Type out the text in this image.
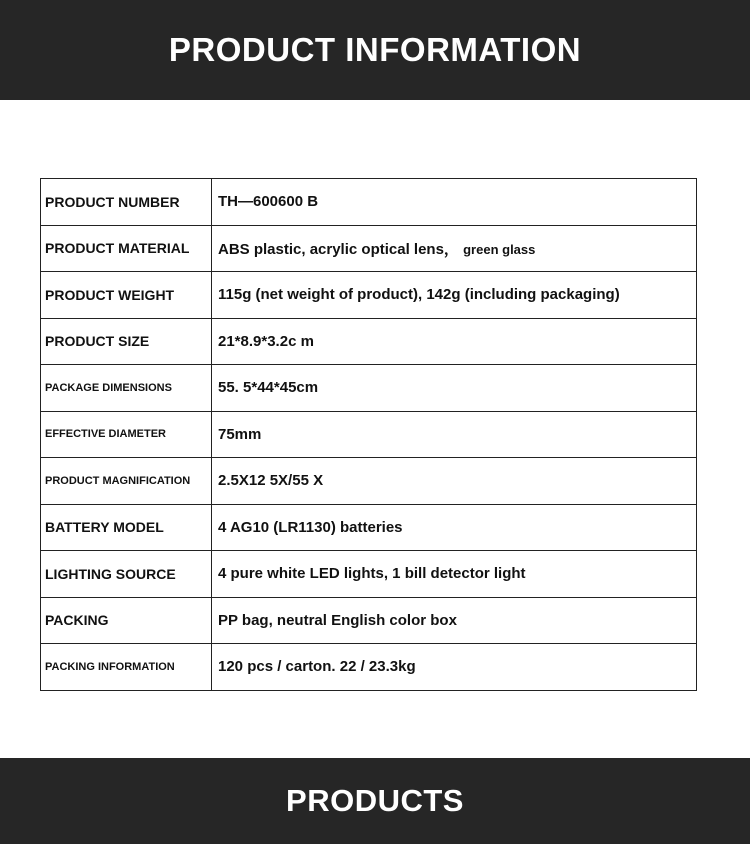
PRODUCT INFORMATION
PRODUCT NUMBER	TH—600600 B
PRODUCT MATERIAL	ABS plastic, acrylic optical lens， green glass
PRODUCT WEIGHT	115g (net weight of product), 142g (including packaging)
PRODUCT SIZE	21*8.9*3.2c m
PACKAGE DIMENSIONS	55. 5*44*45cm
EFFECTIVE DIAMETER	75mm
PRODUCT MAGNIFICATION	2.5X12 5X/55 X
BATTERY MODEL	4 AG10 (LR1130) batteries
LIGHTING SOURCE	4 pure white LED lights, 1 bill detector light
PACKING	PP bag, neutral English color box
PACKING INFORMATION	120 pcs / carton. 22 / 23.3kg
PRODUCTS
